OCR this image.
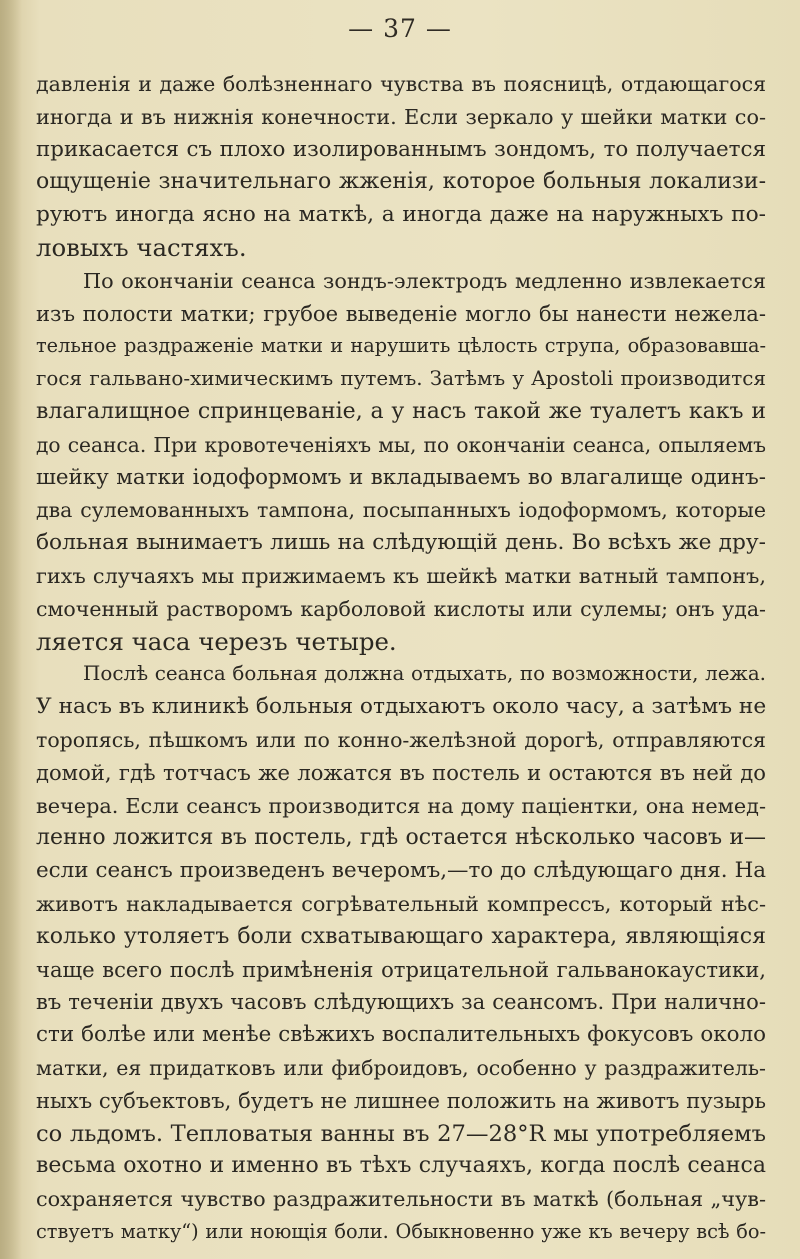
— 37 —
давленія и даже болѣзненнаго чувства въ поясницѣ, отдающагося
иногда и въ нижнія конечности. Если зеркало у шейки матки со-
прикасается съ плохо изолированнымъ зондомъ, то получается
ощущеніе значительнаго жженія, которое больныя локализи-
руютъ иногда ясно на маткѣ, а иногда даже на наружныхъ по-
ловыхъ частяхъ.
По окончаніи сеанса зондъ-электродъ медленно извлекается
изъ полости матки; грубое выведеніе могло бы нанести нежела-
тельное раздраженіе матки и нарушить цѣлость струпа, образовавша-
гося гальвано-химическимъ путемъ. Затѣмъ у Apostoli производится
влагалищное спринцеваніе, а у насъ такой же туалетъ какъ и
до сеанса. При кровотеченіяхъ мы, по окончаніи сеанса, опыляемъ
шейку матки іодоформомъ и вкладываемъ во влагалище одинъ-
два сулемованныхъ тампона, посыпанныхъ іодоформомъ, которые
больная вынимаетъ лишь на слѣдующій день. Во всѣхъ же дру-
гихъ случаяхъ мы прижимаемъ къ шейкѣ матки ватный тампонъ,
смоченный растворомъ карболовой кислоты или сулемы; онъ уда-
ляется часа черезъ четыре.
Послѣ сеанса больная должна отдыхать, по возможности, лежа.
У насъ въ клиникѣ больныя отдыхаютъ около часу, а затѣмъ не
торопясь, пѣшкомъ или по конно-желѣзной дорогѣ, отправляются
домой, гдѣ тотчасъ же ложатся въ постель и остаются въ ней до
вечера. Если сеансъ производится на дому паціентки, она немед-
ленно ложится въ постель, гдѣ остается нѣсколько часовъ и—
если сеансъ произведенъ вечеромъ,—то до слѣдующаго дня. На
животъ накладывается согрѣвательный компрессъ, который нѣс-
колько утоляетъ боли схватывающаго характера, являющіяся
чаще всего послѣ примѣненія отрицательной гальванокаустики,
въ теченіи двухъ часовъ слѣдующихъ за сеансомъ. При налично-
сти болѣе или менѣе свѣжихъ воспалительныхъ фокусовъ около
матки, ея придатковъ или фиброидовъ, особенно у раздражитель-
ныхъ субъектовъ, будетъ не лишнее положить на животъ пузырь
со льдомъ. Тепловатыя ванны въ 27—28°R мы употребляемъ
весьма охотно и именно въ тѣхъ случаяхъ, когда послѣ сеанса
сохраняется чувство раздражительности въ маткѣ (больная „чув-
ствуетъ матку“) или ноющія боли. Обыкновенно уже къ вечеру всѣ бо-
